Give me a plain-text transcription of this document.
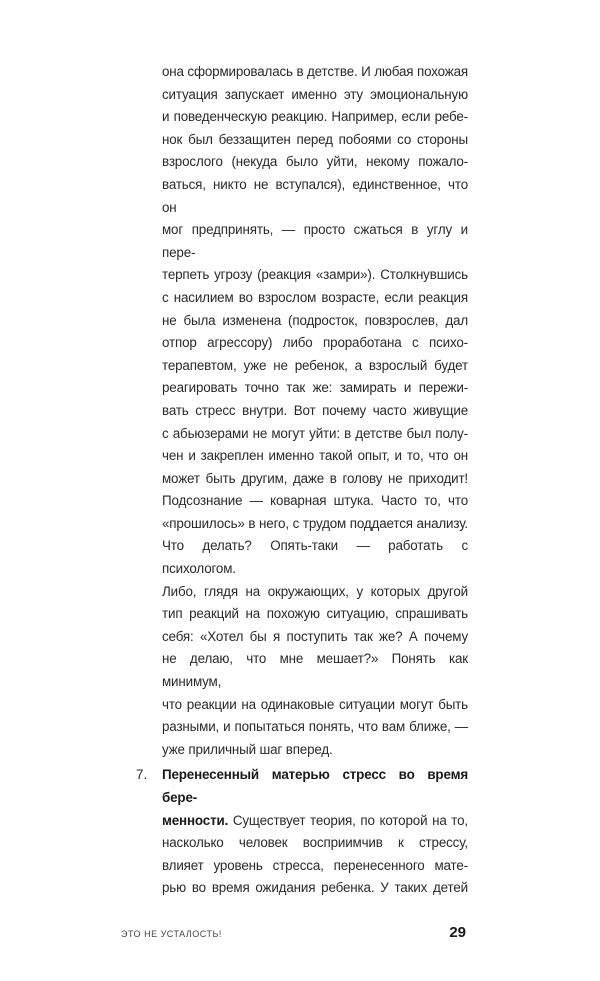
она сформировалась в детстве. И любая похожая
ситуация запускает именно эту эмоциональную
и поведенческую реакцию. Например, если ребе-
нок был беззащитен перед побоями со стороны
взрослого (некуда было уйти, некому пожало-
ваться, никто не вступался), единственное, что он
мог предпринять, — просто сжаться в углу и пере-
терпеть угрозу (реакция «замри»). Столкнувшись
с насилием во взрослом возрасте, если реакция
не была изменена (подросток, повзрослев, дал
отпор агрессору) либо проработана с психо-
терапевтом, уже не ребенок, а взрослый будет
реагировать точно так же: замирать и пережи-
вать стресс внутри. Вот почему часто живущие
с абьюзерами не могут уйти: в детстве был полу-
чен и закреплен именно такой опыт, и то, что он
может быть другим, даже в голову не приходит!
Подсознание — коварная штука. Часто то, что
«прошилось» в него, с трудом поддается анализу.
Что делать? Опять-таки — работать с психологом.
Либо, глядя на окружающих, у которых другой
тип реакций на похожую ситуацию, спрашивать
себя: «Хотел бы я поступить так же? А почему
не делаю, что мне мешает?» Понять как минимум,
что реакции на одинаковые ситуации могут быть
разными, и попытаться понять, что вам ближе, —
уже приличный шаг вперед.
7. Перенесенный матерью стресс во время бере-
менности. Существует теория, по которой на то,
насколько человек восприимчив к стрессу,
влияет уровень стресса, перенесенного мате-
рью во время ожидания ребенка. У таких детей
ЭТО НЕ УСТАЛОСТЬ!	29
